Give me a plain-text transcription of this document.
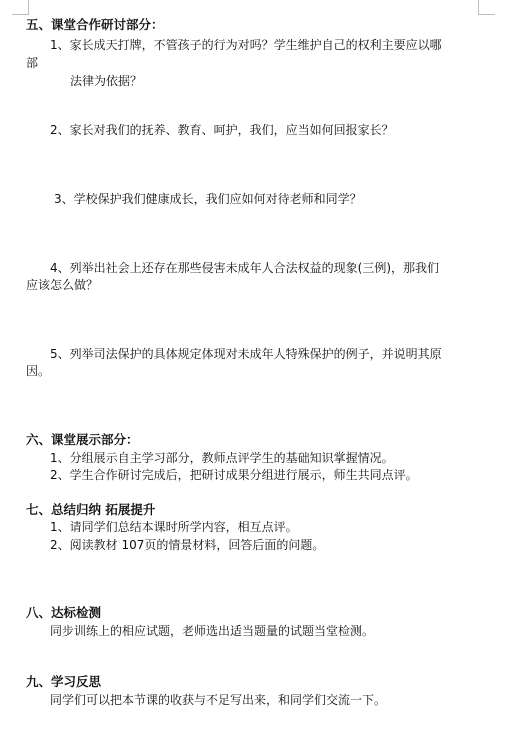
五、课堂合作研讨部分：
1、家长成天打牌，不管孩子的行为对吗？学生维护自己的权利主要应以哪
部
法律为依据？
2、家长对我们的抚养、教育、呵护，我们，应当如何回报家长？
3、学校保护我们健康成长，我们应如何对待老师和同学？
4、列举出社会上还存在那些侵害未成年人合法权益的现象(三例)，那我们
应该怎么做？
5、列举司法保护的具体规定体现对未成年人特殊保护的例子，并说明其原
因。
六、课堂展示部分：
1、分组展示自主学习部分，教师点评学生的基础知识掌握情况。
2、学生合作研讨完成后，把研讨成果分组进行展示，师生共同点评。
七、总结归纳 拓展提升
1、请同学们总结本课时所学内容，相互点评。
2、阅读教材 107页的情景材料，回答后面的问题。
八、达标检测
同步训练上的相应试题，老师选出适当题量的试题当堂检测。
九、学习反思
同学们可以把本节课的收获与不足写出来，和同学们交流一下。
